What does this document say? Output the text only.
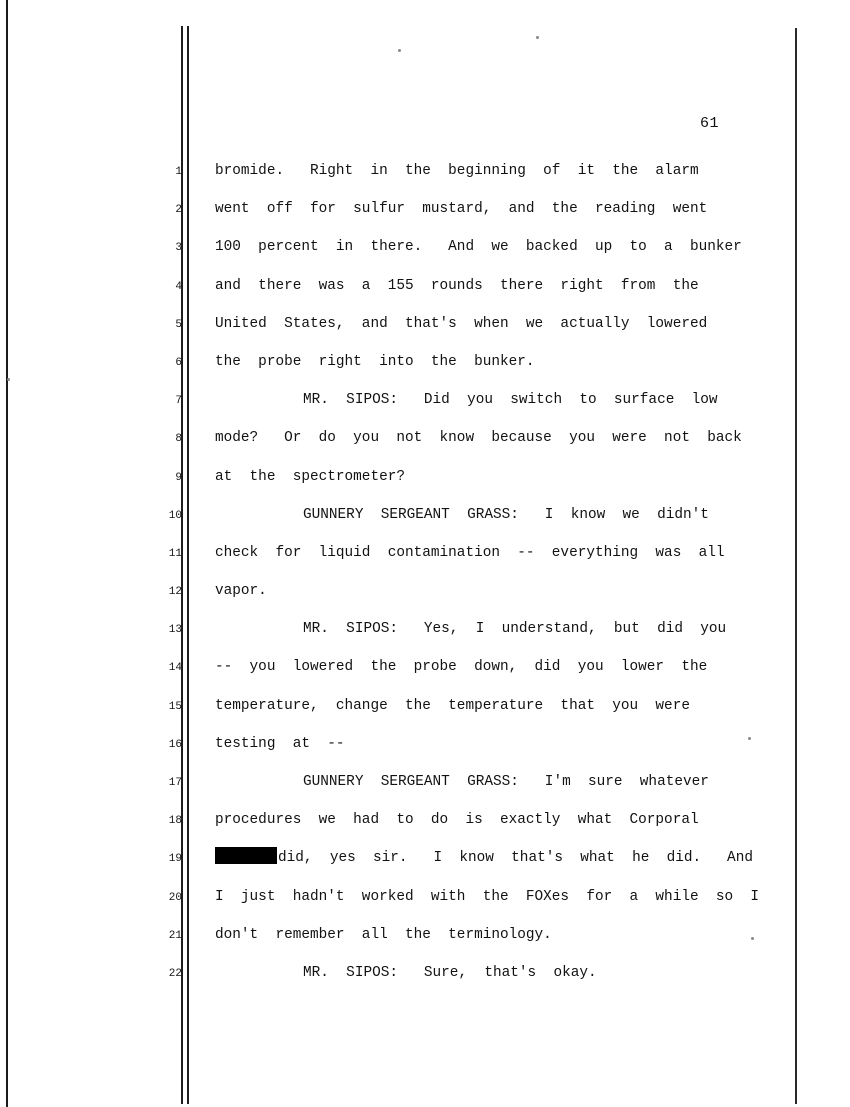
61
1 bromide.   Right  in  the  beginning  of  it  the  alarm
2 went  off  for  sulfur  mustard,  and  the  reading  went
3 100  percent  in  there.   And  we  backed  up  to  a  bunker
4 and  there  was  a  155  rounds  there  right  from  the
5 United  States,  and  that's  when  we  actually  lowered
6 the  probe  right  into  the  bunker.
7	MR.  SIPOS:   Did  you  switch  to  surface  low
8 mode?   Or  do  you  not  know  because  you  were  not  back
9 at  the  spectrometer?
10	GUNNERY  SERGEANT  GRASS:   I  know  we  didn't
11 check  for  liquid  contamination  --  everything  was  all
12 vapor.
13	MR.  SIPOS:   Yes,  I  understand,  but  did  you
14 --  you  lowered  the  probe  down,  did  you  lower  the
15 temperature,  change  the  temperature  that  you  were
16 testing  at  --
17	GUNNERY  SERGEANT  GRASS:   I'm  sure  whatever
18 procedures  we  had  to  do  is  exactly  what  Corporal
19	did,  yes  sir.   I  know  that's  what  he  did.   And
20 I  just  hadn't  worked  with  the  FOXes  for  a  while  so  I
21 don't  remember  all  the  terminology.
22	MR.  SIPOS:   Sure,  that's  okay.
